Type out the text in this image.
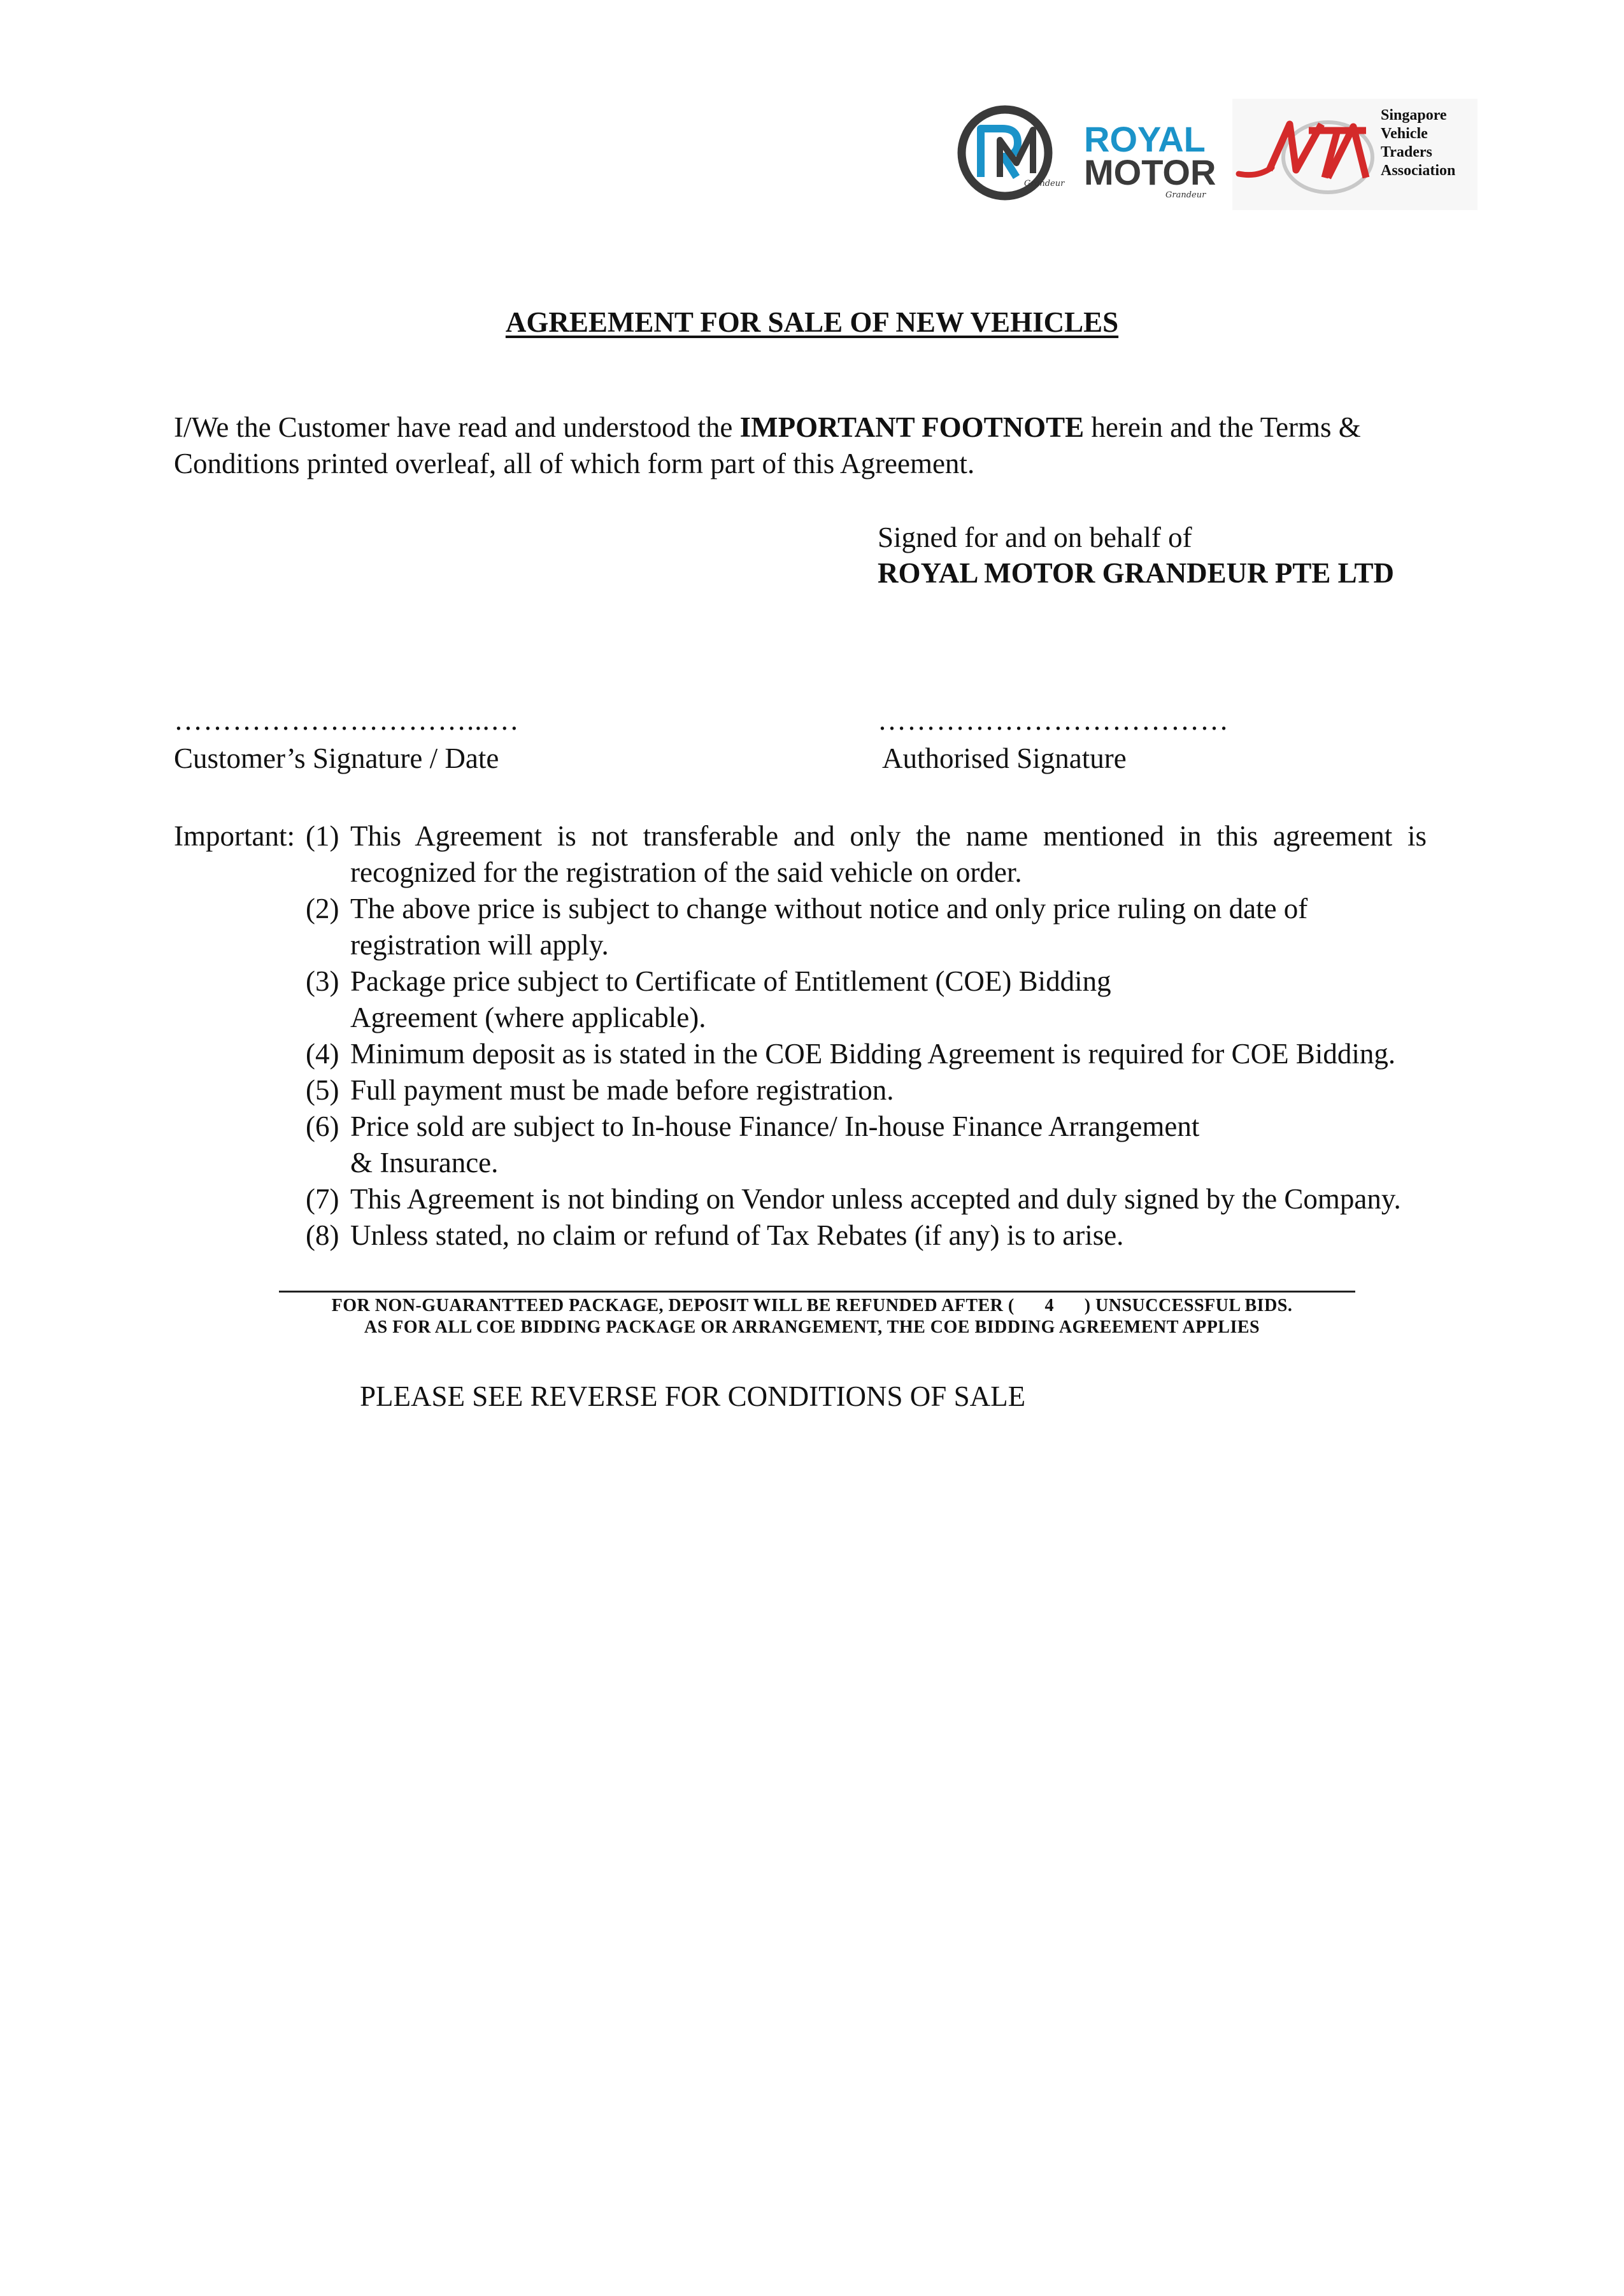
Grandeur
ROYAL
MOTOR
Grandeur
Singapore
Vehicle
Traders
Association
AGREEMENT FOR SALE OF NEW VEHICLES
I/We the Customer have read and understood the IMPORTANT FOOTNOTE herein and the Terms &
Conditions printed overleaf, all of which form part of this Agreement.
Signed for and on behalf of
ROYAL MOTOR GRANDEUR PTE LTD
…………………………...…	………………………………
Customer’s Signature / Date	Authorised Signature
Important: (1) This Agreement is not transferable and only the name mentioned in this agreement is
recognized for the registration of the said vehicle on order.
(2) The above price is subject to change without notice and only price ruling on date of
registration will apply.
(3) Package price subject to Certificate of Entitlement (COE) Bidding
Agreement (where applicable).
(4) Minimum deposit as is stated in the COE Bidding Agreement is required for COE Bidding.
(5) Full payment must be made before registration.
(6) Price sold are subject to In-house Finance/ In-house Finance Arrangement
& Insurance.
(7) This Agreement is not binding on Vendor unless accepted and duly signed by the Company.
(8) Unless stated, no claim or refund of Tax Rebates (if any) is to arise.
FOR NON-GUARANTTEED PACKAGE, DEPOSIT WILL BE REFUNDED AFTER ( 4 ) UNSUCCESSFUL BIDS.
AS FOR ALL COE BIDDING PACKAGE OR ARRANGEMENT, THE COE BIDDING AGREEMENT APPLIES
PLEASE SEE REVERSE FOR CONDITIONS OF SALE
